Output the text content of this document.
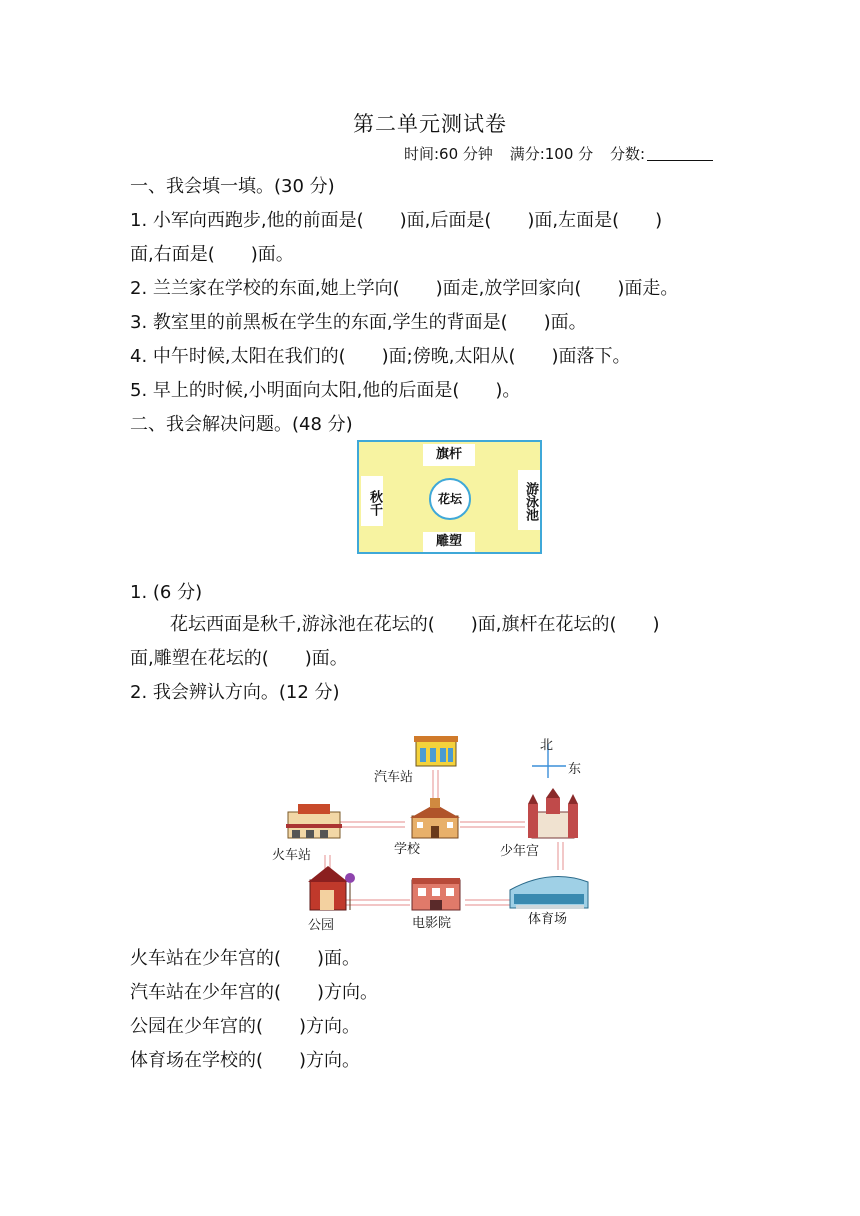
第二单元测试卷
时间:60 分钟 满分:100 分 分数:
一、我会填一填。(30 分)
1. 小军向西跑步,他的前面是(　　)面,后面是(　　)面,左面是(　　)
面,右面是(　　)面。
2. 兰兰家在学校的东面,她上学向(　　)面走,放学回家向(　　)面走。
3. 教室里的前黑板在学生的东面,学生的背面是(　　)面。
4. 中午时候,太阳在我们的(　　)面;傍晚,太阳从(　　)面落下。
5. 早上的时候,小明面向太阳,他的后面是(　　)。
二、我会解决问题。(48 分)
旗杆
秋千	花坛	游泳池
雕塑
1. (6 分)
花坛西面是秋千,游泳池在花坛的(　　)面,旗杆在花坛的(　　)
面,雕塑在花坛的(　　)面。
2. 我会辨认方向。(12 分)
北
东
汽车站
火车站	学校	少年宫
公园	电影院	体育场
火车站在少年宫的(　　)面。
汽车站在少年宫的(　　)方向。
公园在少年宫的(　　)方向。
体育场在学校的(　　)方向。
